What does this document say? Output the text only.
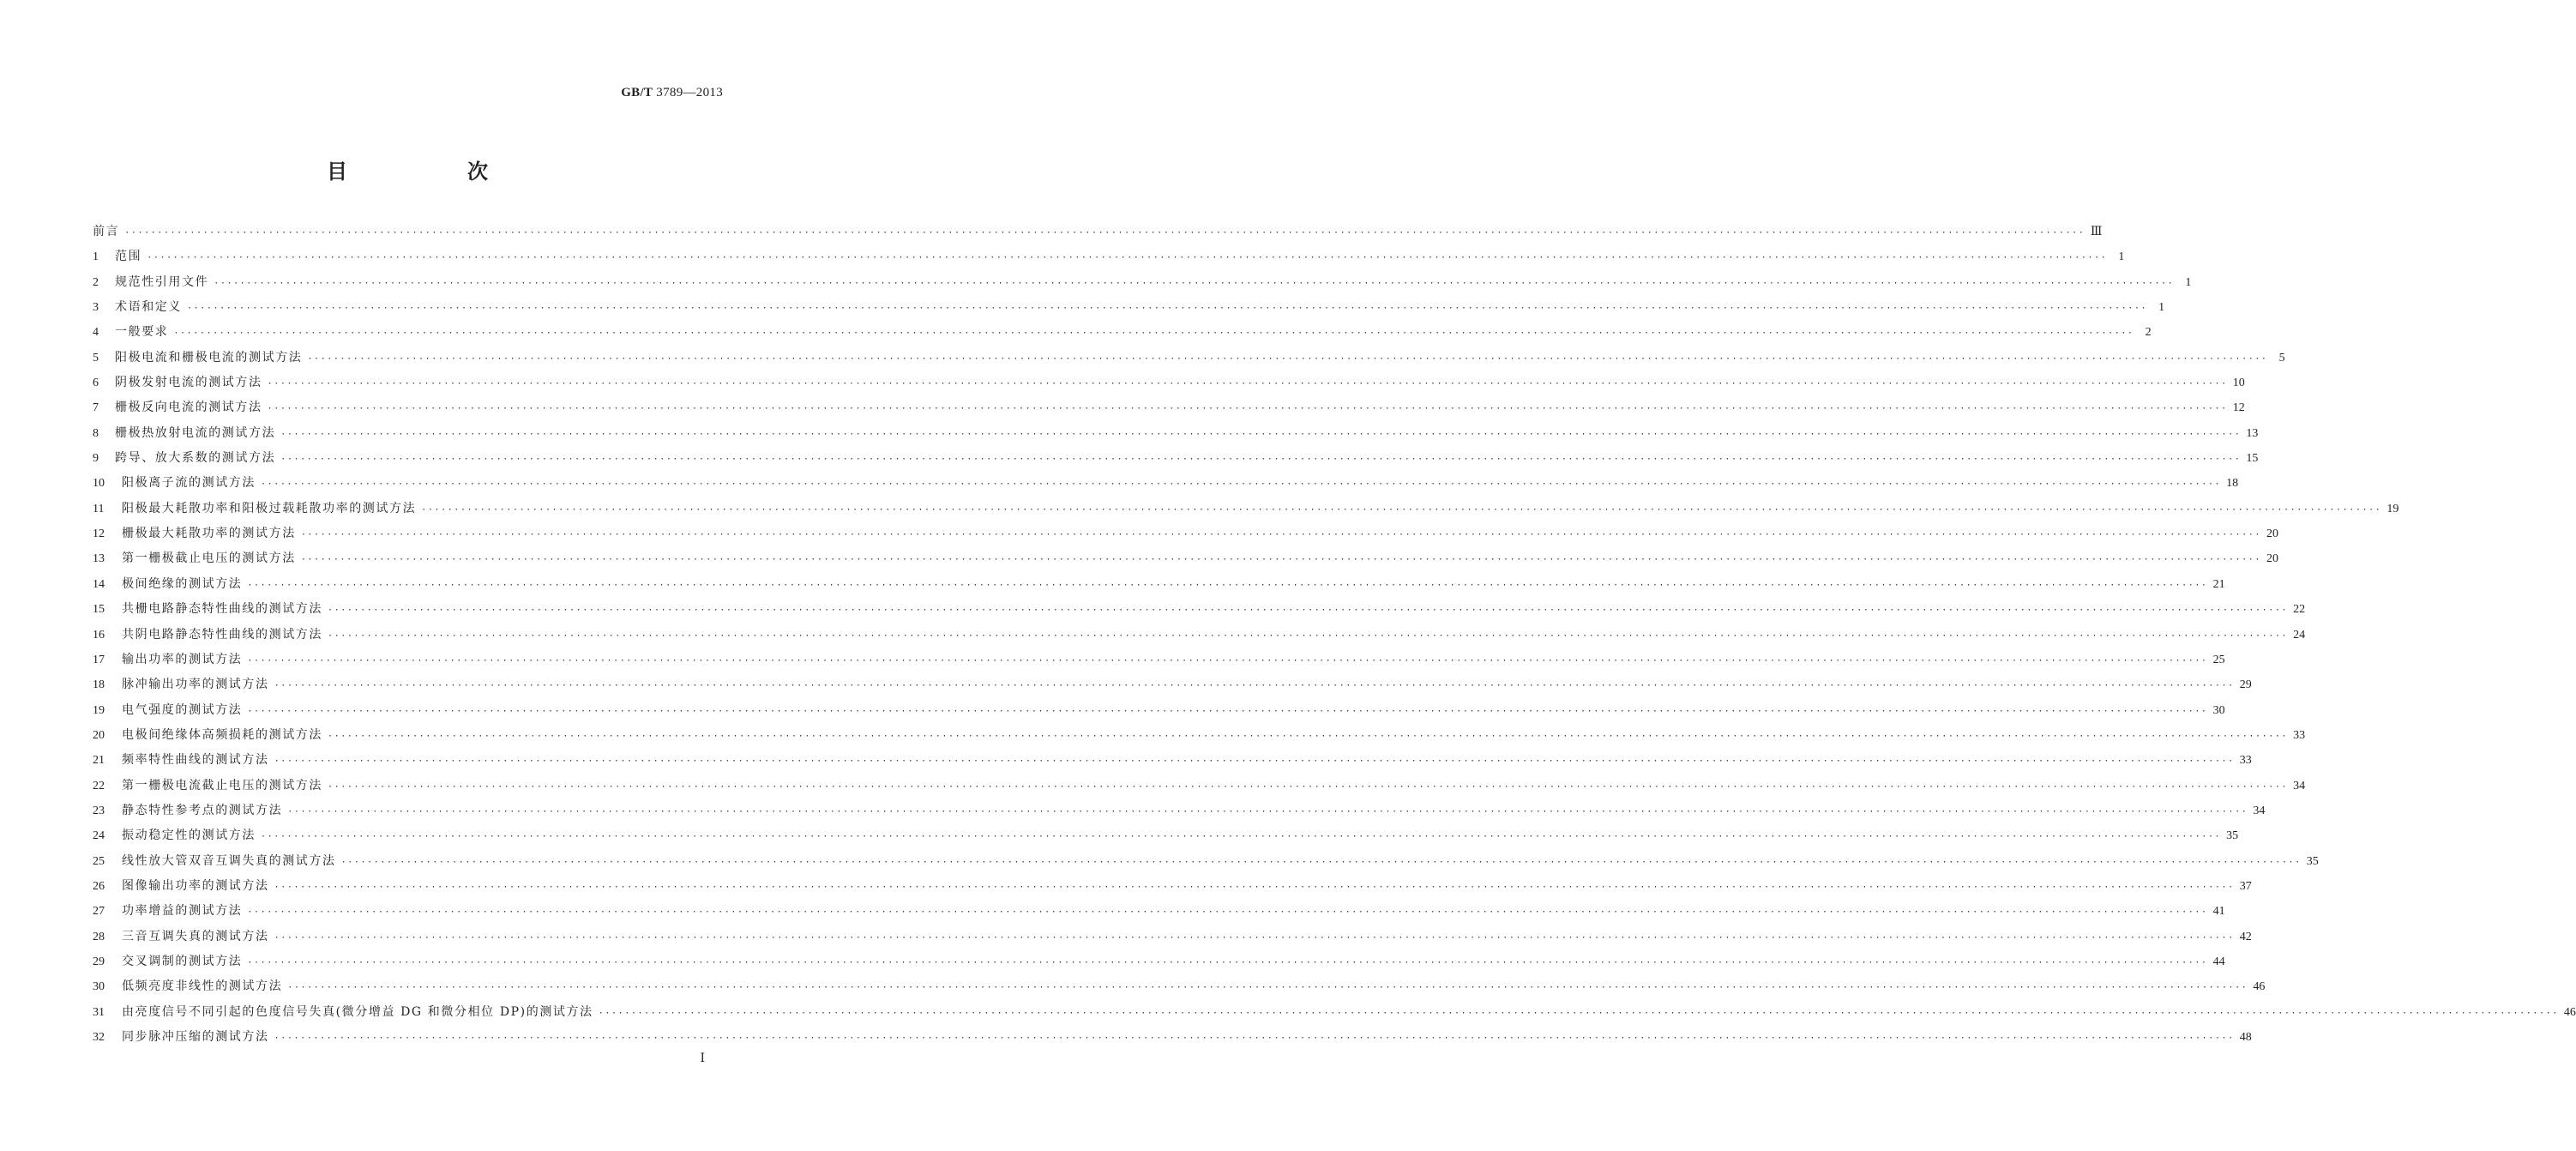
GB/T 3789—2013
目　次
前言 ············································································································································································································································································································ Ⅲ
1	范围 ············································································································································································································································································································ 1
2	规范性引用文件 ············································································································································································································································································································ 1
3	术语和定义 ············································································································································································································································································································ 1
4	一般要求 ············································································································································································································································································································ 2
5	阳极电流和栅极电流的测试方法 ············································································································································································································································································································ 5
6	阴极发射电流的测试方法 ············································································································································································································································································································ 10
7	栅极反向电流的测试方法 ············································································································································································································································································································ 12
8	栅极热放射电流的测试方法 ············································································································································································································································································································ 13
9	跨导、放大系数的测试方法 ············································································································································································································································································································ 15
10	阳极离子流的测试方法 ············································································································································································································································································································ 18
11	阳极最大耗散功率和阳极过载耗散功率的测试方法 ············································································································································································································································································································ 19
12	栅极最大耗散功率的测试方法 ············································································································································································································································································································ 20
13	第一栅极截止电压的测试方法 ············································································································································································································································································································ 20
14	极间绝缘的测试方法 ············································································································································································································································································································ 21
15	共栅电路静态特性曲线的测试方法 ············································································································································································································································································································ 22
16	共阴电路静态特性曲线的测试方法 ············································································································································································································································································································ 24
17	输出功率的测试方法 ············································································································································································································································································································ 25
18	脉冲输出功率的测试方法 ············································································································································································································································································································ 29
19	电气强度的测试方法 ············································································································································································································································································································ 30
20	电极间绝缘体高频损耗的测试方法 ············································································································································································································································································································ 33
21	频率特性曲线的测试方法 ············································································································································································································································································································ 33
22	第一栅极电流截止电压的测试方法 ············································································································································································································································································································ 34
23	静态特性参考点的测试方法 ············································································································································································································································································································ 34
24	振动稳定性的测试方法 ············································································································································································································································································································ 35
25	线性放大管双音互调失真的测试方法 ············································································································································································································································································································ 35
26	图像输出功率的测试方法 ············································································································································································································································································································ 37
27	功率增益的测试方法 ············································································································································································································································································································ 41
28	三音互调失真的测试方法 ············································································································································································································································································································ 42
29	交叉调制的测试方法 ············································································································································································································································································································ 44
30	低频亮度非线性的测试方法 ············································································································································································································································································································ 46
31	由亮度信号不同引起的色度信号失真(微分增益 DG 和微分相位 DP)的测试方法 ············································································································································································································································································································ 46
32	同步脉冲压缩的测试方法 ············································································································································································································································································································ 48
Ⅰ
